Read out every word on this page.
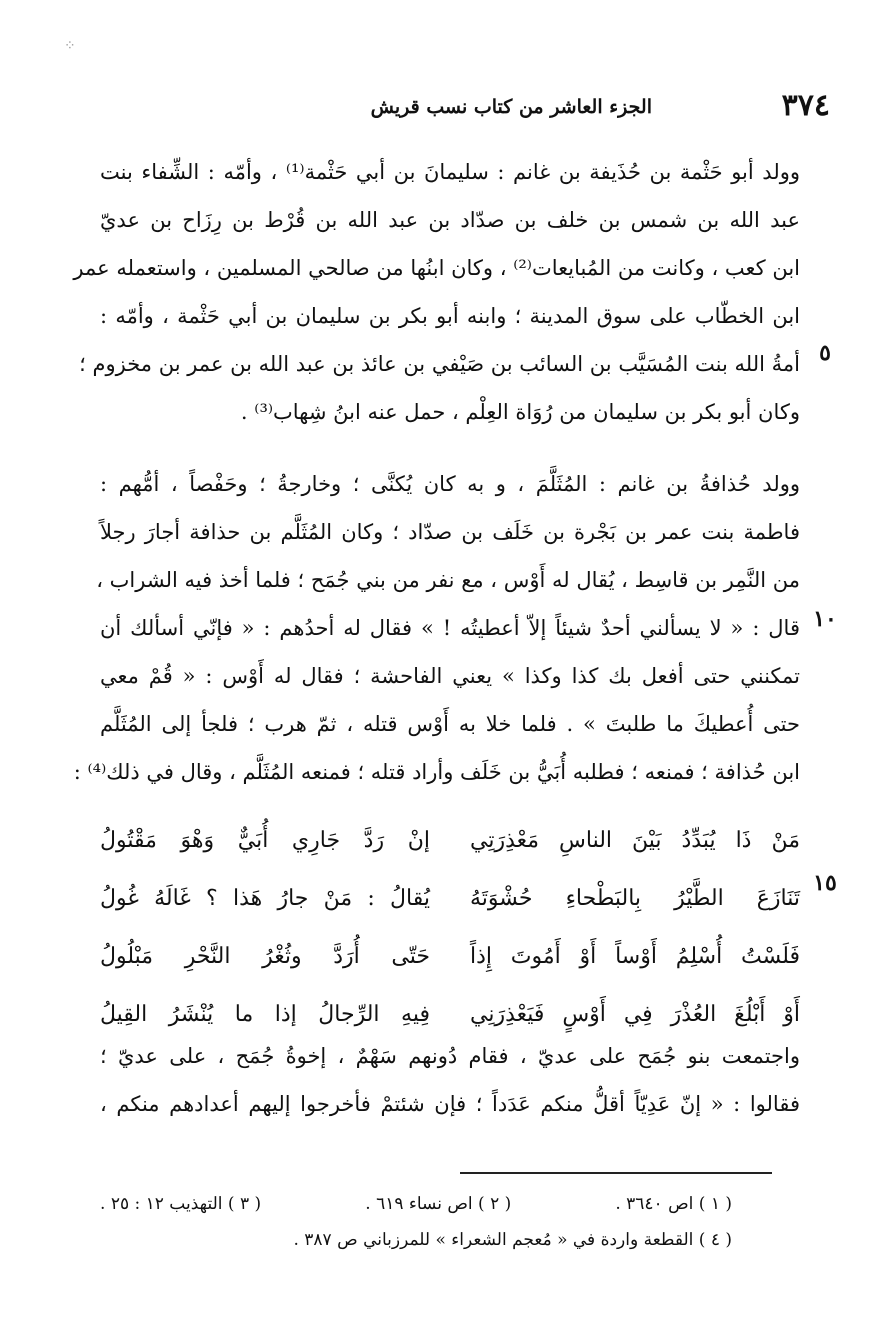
⁘
٣٧٤
الجزء العاشر من كتاب نسب قريش
وولد أبو حَثْمة بن حُذَيفة بن غانم : سليمانَ بن أبي حَثْمة⁽¹⁾ ، وأمّه : الشِّفاء بنت
عبد الله بن شمس بن خلف بن صدّاد بن عبد الله بن قُرْط بن رِزَاح بن عديّ
ابن كعب ، وكانت من المُبايعات⁽²⁾ ، وكان ابنُها من صالحي المسلمين ، واستعمله عمر
ابن الخطّاب على سوق المدينة ؛ وابنه أبو بكر بن سليمان بن أبي حَثْمة ، وأمّه :
أمةُ الله بنت المُسَيَّب بن السائب بن صَيْفي بن عائذ بن عبد الله بن عمر بن مخزوم ؛
وكان أبو بكر بن سليمان من رُوَاة العِلْم ، حمل عنه ابنُ شِهاب⁽³⁾ .
وولد حُذافةُ بن غانم : المُثَلَّمَ ، و به كان يُكنَّى ؛ وخارجةُ ؛ وحَفْصاً ، أمُّهم :
فاطمة بنت عمر بن بَجْرة بن خَلَف بن صدّاد ؛ وكان المُثَلَّم بن حذافة أجارَ رجلاً
من النَّمِر بن قاسِط ، يُقال له أَوْس ، مع نفر من بني جُمَح ؛ فلما أخذ فيه الشراب ،
قال : « لا يسألني أحدٌ شيئاً إلاّ أعطيتُه ! » فقال له أحدُهم : « فإنّي أسألك أن
تمكنني حتى أفعل بك كذا وكذا » يعني الفاحشة ؛ فقال له أَوْس : « قُمْ معي
حتى أُعطيكَ ما طلبتَ » . فلما خلا به أَوْس قتله ، ثمّ هرب ؛ فلجأ إلى المُثَلَّم
ابن حُذافة ؛ فمنعه ؛ فطلبه أُبَيُّ بن خَلَف وأراد قتله ؛ فمنعه المُثَلَّم ، وقال في ذلك⁽⁴⁾ :
مَنْ ذَا يُبَدِّدُ بَيْنَ الناسِ مَعْذِرَتِي
إنْ رَدَّ جَارِي أُبَيٌّ وَهْوَ مَقْتُولُ
تَنَازَعَ الطَّيْرُ بِالبَطْحاءِ حُشْوَتَهُ
يُقالُ : مَنْ جارُ هَذا ؟ غَالَهُ غُولُ
فَلَسْتُ أُسْلِمُ أَوْساً أَوْ أَمُوتَ إِذاً
حَتّى أُرَدَّ وثُغْرُ النَّحْرِ مَبْلُولُ
أَوْ أَبْلُغَ العُذْرَ فِي أَوْسٍ فَيَعْذِرَنِي
فِيهِ الرِّجالُ إذا ما يُنْشَرُ القِيلُ
واجتمعت بنو جُمَح على عديّ ، فقام دُونهم سَهْمٌ ، إخوةُ جُمَح ، على عديّ ؛
فقالوا : « إنّ عَدِيّاً أقلُّ منكم عَدَداً ؛ فإن شئتمْ فأخرجوا إليهم أعدادهم منكم ،
٥
١٠
١٥
( ١ ) اص ٣٦٤٠ .
( ٢ ) اص نساء ٦١٩ .
( ٣ ) التهذيب ١٢ : ٢٥ .
( ٤ ) القطعة واردة في « مُعجم الشعراء » للمرزباني ص ٣٨٧ .
